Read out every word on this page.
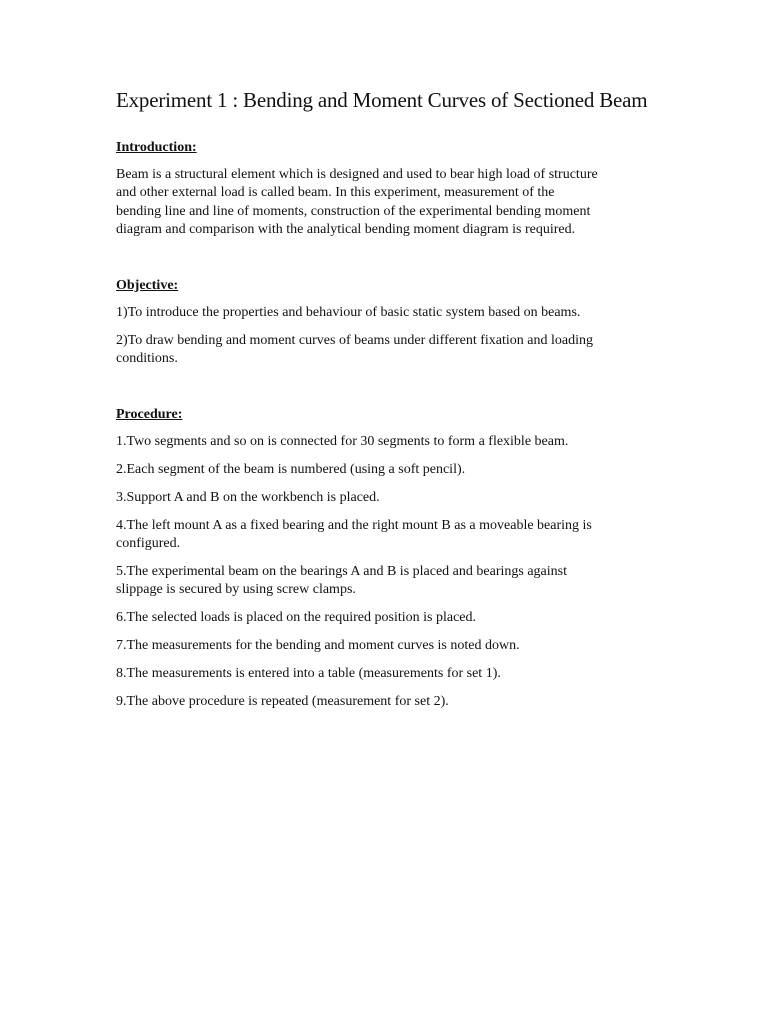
Experiment 1 : Bending and Moment Curves of Sectioned Beam
Introduction:
Beam is a structural element which is designed and used to bear high load of structure
and other external load is called beam. In this experiment, measurement of the
bending line and line of moments, construction of the experimental bending moment
diagram and comparison with the analytical bending moment diagram is required.
Objective:
1)To introduce the properties and behaviour of basic static system based on beams.
2)To draw bending and moment curves of beams under different fixation and loading
conditions.
Procedure:
1.Two segments and so on is connected for 30 segments to form a flexible beam.
2.Each segment of the beam is numbered (using a soft pencil).
3.Support A and B on the workbench is placed.
4.The left mount A as a fixed bearing and the right mount B as a moveable bearing is
configured.
5.The experimental beam on the bearings A and B is placed and bearings against
slippage is secured by using screw clamps.
6.The selected loads is placed on the required position is placed.
7.The measurements for the bending and moment curves is noted down.
8.The measurements is entered into a table (measurements for set 1).
9.The above procedure is repeated (measurement for set 2).
